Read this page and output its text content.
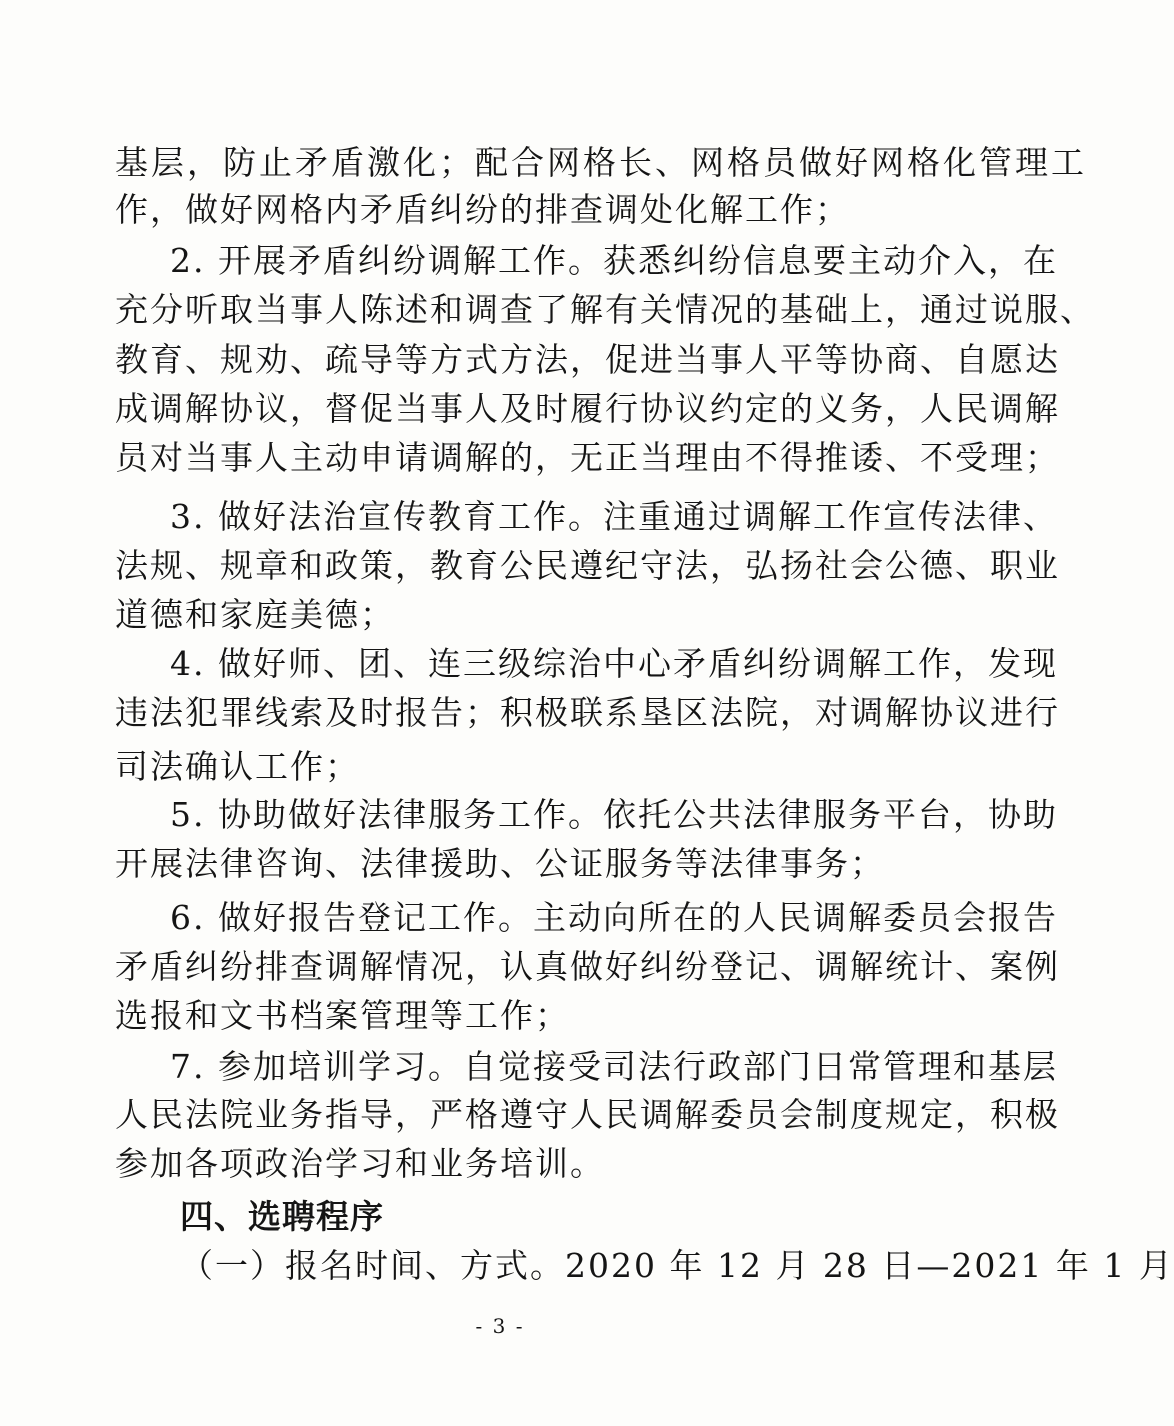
基层，防止矛盾激化；配合网格长、网格员做好网格化管理工
作，做好网格内矛盾纠纷的排查调处化解工作；
2. 开展矛盾纠纷调解工作。获悉纠纷信息要主动介入，在
充分听取当事人陈述和调查了解有关情况的基础上，通过说服、
教育、规劝、疏导等方式方法，促进当事人平等协商、自愿达
成调解协议，督促当事人及时履行协议约定的义务，人民调解
员对当事人主动申请调解的，无正当理由不得推诿、不受理；
3. 做好法治宣传教育工作。注重通过调解工作宣传法律、
法规、规章和政策，教育公民遵纪守法，弘扬社会公德、职业
道德和家庭美德；
4. 做好师、团、连三级综治中心矛盾纠纷调解工作，发现
违法犯罪线索及时报告；积极联系垦区法院，对调解协议进行
司法确认工作；
5. 协助做好法律服务工作。依托公共法律服务平台，协助
开展法律咨询、法律援助、公证服务等法律事务；
6. 做好报告登记工作。主动向所在的人民调解委员会报告
矛盾纠纷排查调解情况，认真做好纠纷登记、调解统计、案例
选报和文书档案管理等工作；
7. 参加培训学习。自觉接受司法行政部门日常管理和基层
人民法院业务指导，严格遵守人民调解委员会制度规定，积极
参加各项政治学习和业务培训。
四、选聘程序
（一）报名时间、方式。2020 年 12 月 28 日—2021 年 1 月
- 3 -
